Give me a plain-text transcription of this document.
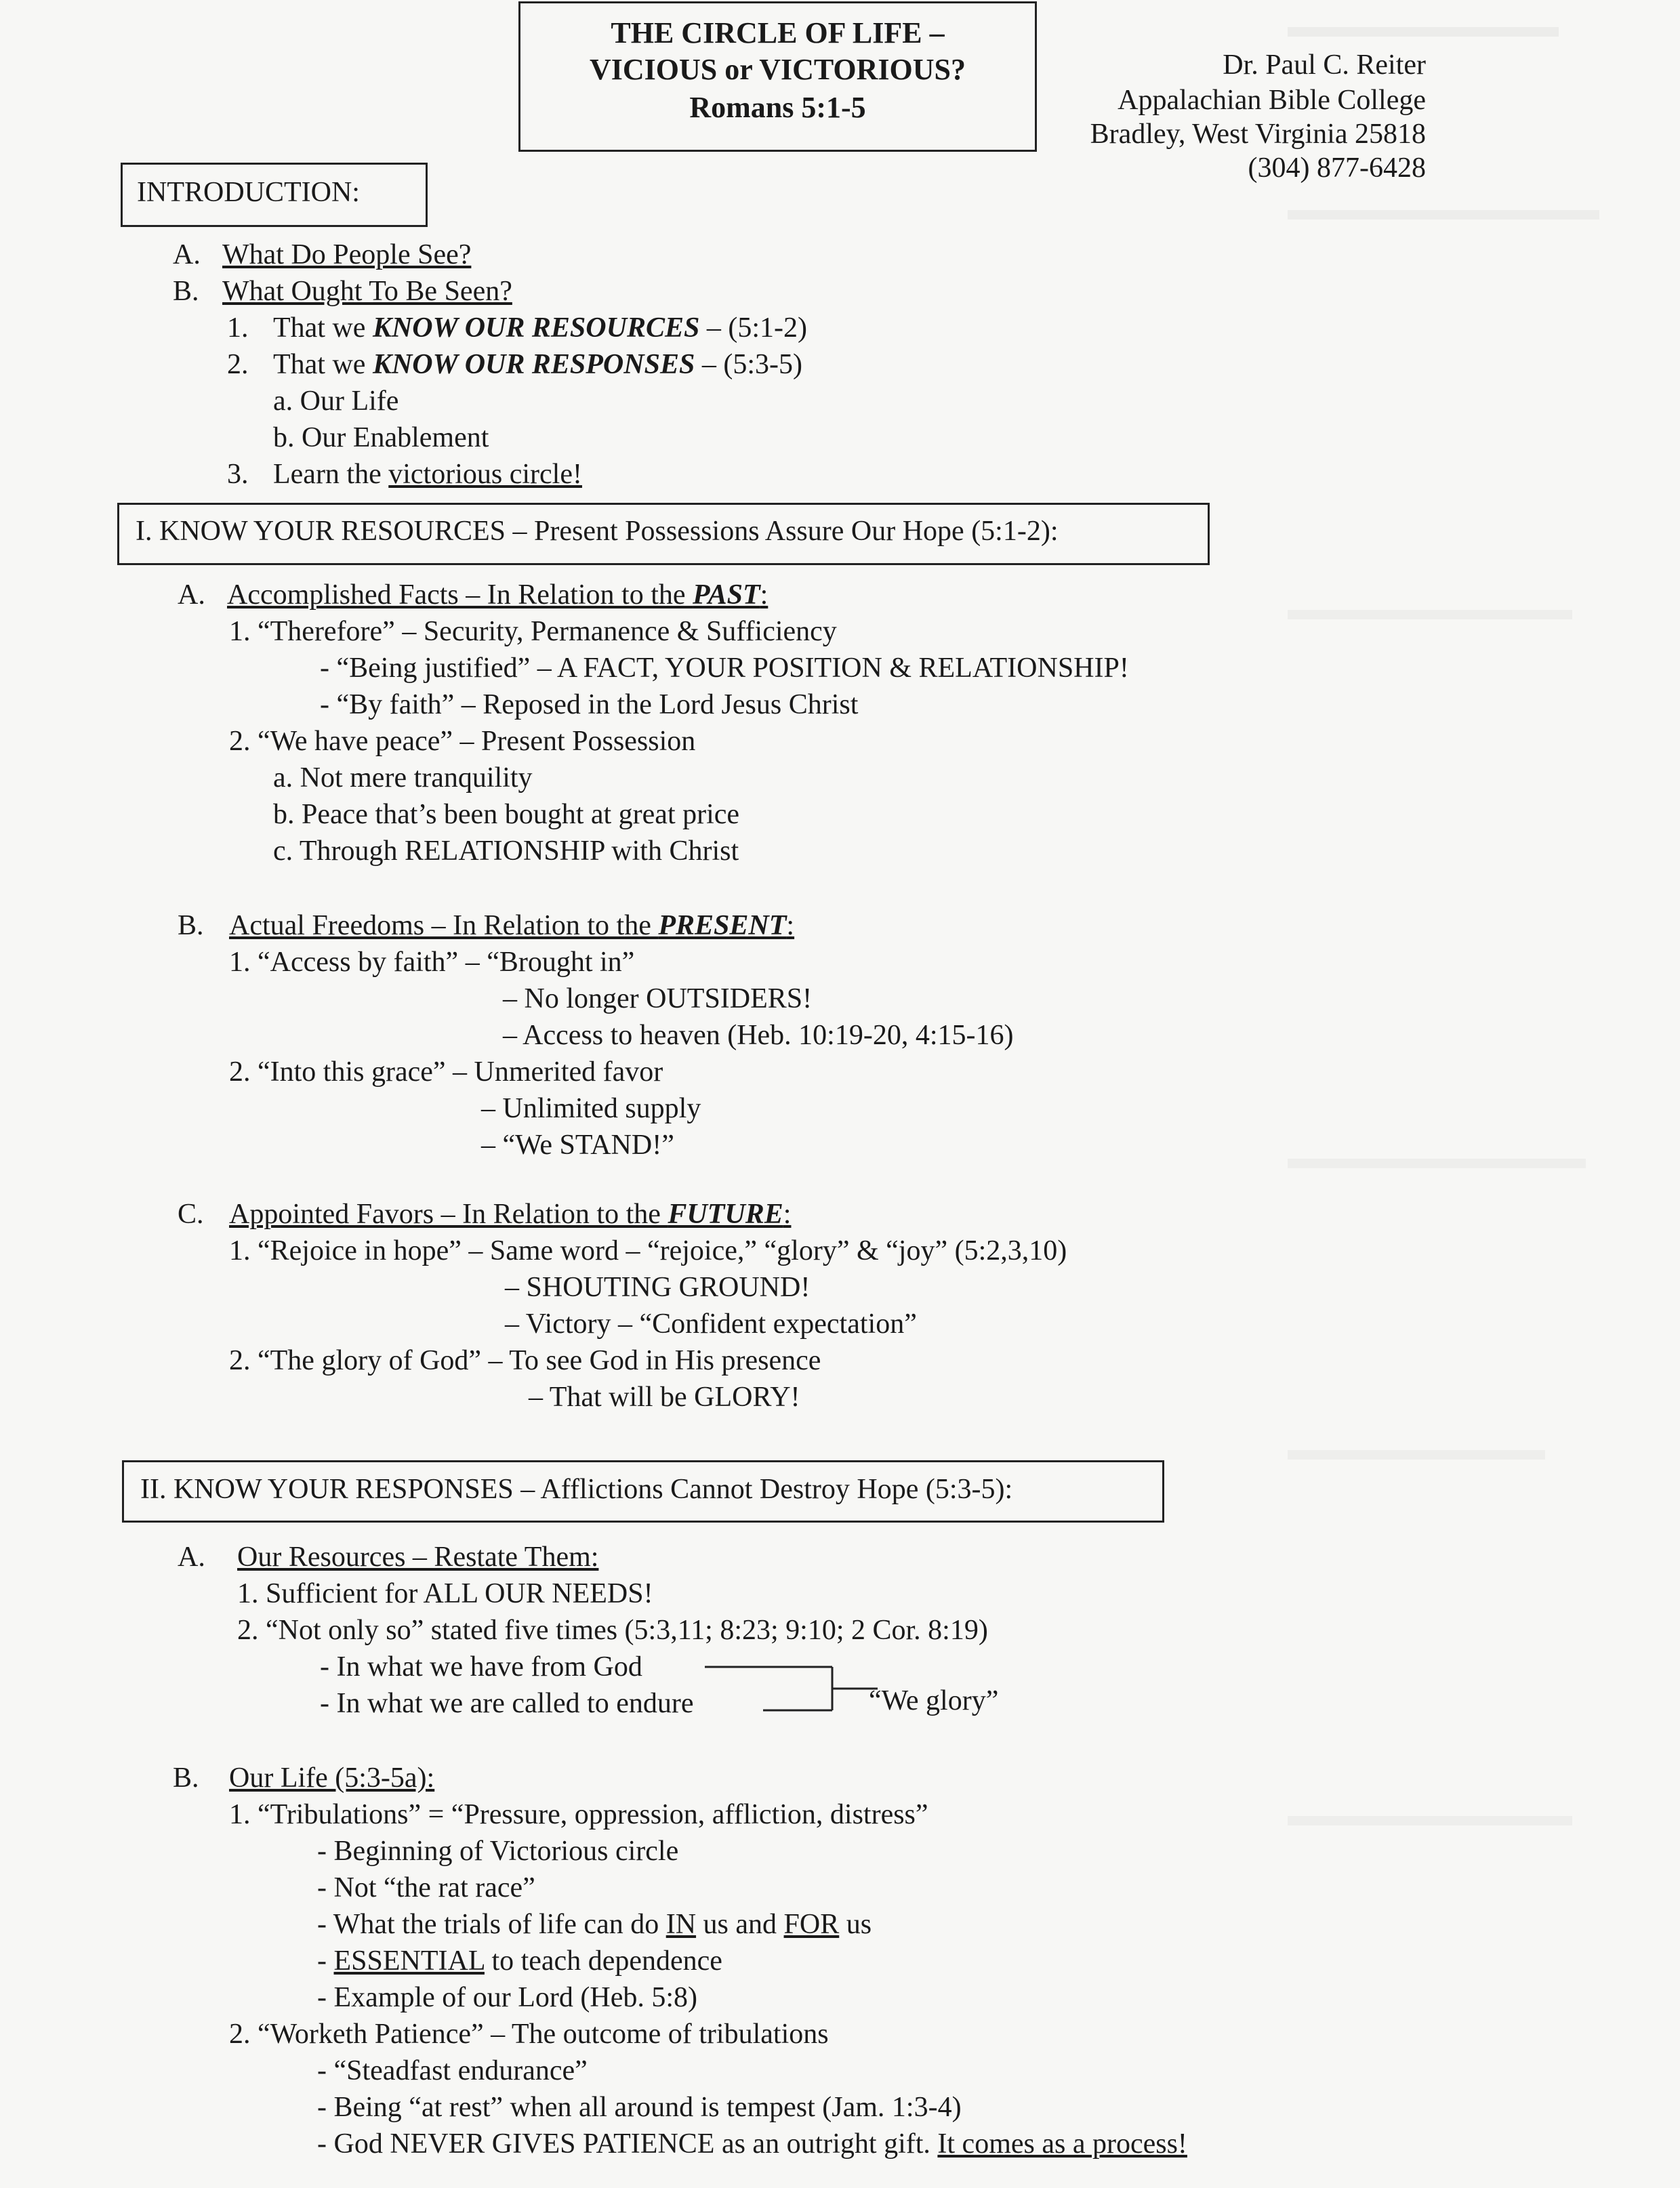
THE CIRCLE OF LIFE –
VICIOUS or VICTORIOUS?
Romans 5:1-5
Dr. Paul C. Reiter
Appalachian Bible College
Bradley, West Virginia 25818
(304) 877-6428
INTRODUCTION:
A. What Do People See?
B. What Ought To Be Seen?
1. That we KNOW OUR RESOURCES – (5:1-2)
2. That we KNOW OUR RESPONSES – (5:3-5)
a. Our Life
b. Our Enablement
3. Learn the victorious circle!
I. KNOW YOUR RESOURCES – Present Possessions Assure Our Hope (5:1-2):
A. Accomplished Facts – In Relation to the PAST:
1. “Therefore” – Security, Permanence & Sufficiency
- “Being justified” – A FACT, YOUR POSITION & RELATIONSHIP!
- “By faith” – Reposed in the Lord Jesus Christ
2. “We have peace” – Present Possession
a. Not mere tranquility
b. Peace that’s been bought at great price
c. Through RELATIONSHIP with Christ
B. Actual Freedoms – In Relation to the PRESENT:
1. “Access by faith” – “Brought in”
– No longer OUTSIDERS!
– Access to heaven (Heb. 10:19-20, 4:15-16)
2. “Into this grace” – Unmerited favor
– Unlimited supply
– “We STAND!”
C. Appointed Favors – In Relation to the FUTURE:
1. “Rejoice in hope” – Same word – “rejoice,” “glory” & “joy” (5:2,3,10)
– SHOUTING GROUND!
– Victory – “Confident expectation”
2. “The glory of God” – To see God in His presence
– That will be GLORY!
II. KNOW YOUR RESPONSES – Afflictions Cannot Destroy Hope (5:3-5):
A. Our Resources – Restate Them:
1. Sufficient for ALL OUR NEEDS!
2. “Not only so” stated five times (5:3,11; 8:23; 9:10; 2 Cor. 8:19)
- In what we have from God
- In what we are called to endure	“We glory”
B. Our Life (5:3-5a):
1. “Tribulations” = “Pressure, oppression, affliction, distress”
- Beginning of Victorious circle
- Not “the rat race”
- What the trials of life can do IN us and FOR us
- ESSENTIAL to teach dependence
- Example of our Lord (Heb. 5:8)
2. “Worketh Patience” – The outcome of tribulations
- “Steadfast endurance”
- Being “at rest” when all around is tempest (Jam. 1:3-4)
- God NEVER GIVES PATIENCE as an outright gift. It comes as a process!
